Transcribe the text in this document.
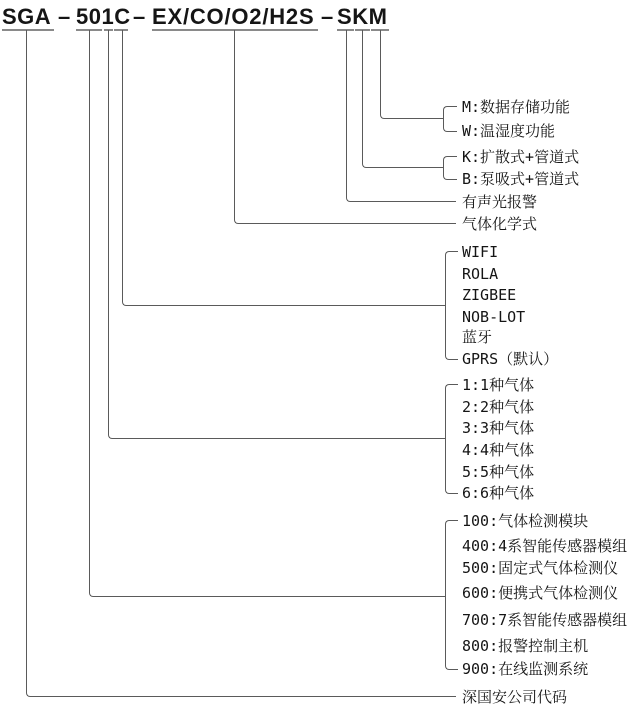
SGA – 501C – EX/CO/O2/H2S – SKM
M:数据存储功能
W:温湿度功能
K:扩散式+管道式
B:泵吸式+管道式
有声光报警
气体化学式
WIFI
ROLA
ZIGBEE
NOB-LOT
蓝牙
GPRS（默认）
1:1种气体
2:2种气体
3:3种气体
4:4种气体
5:5种气体
6:6种气体
100:气体检测模块
400:4系智能传感器模组
500:固定式气体检测仪
600:便携式气体检测仪
700:7系智能传感器模组
800:报警控制主机
900:在线监测系统
深国安公司代码
